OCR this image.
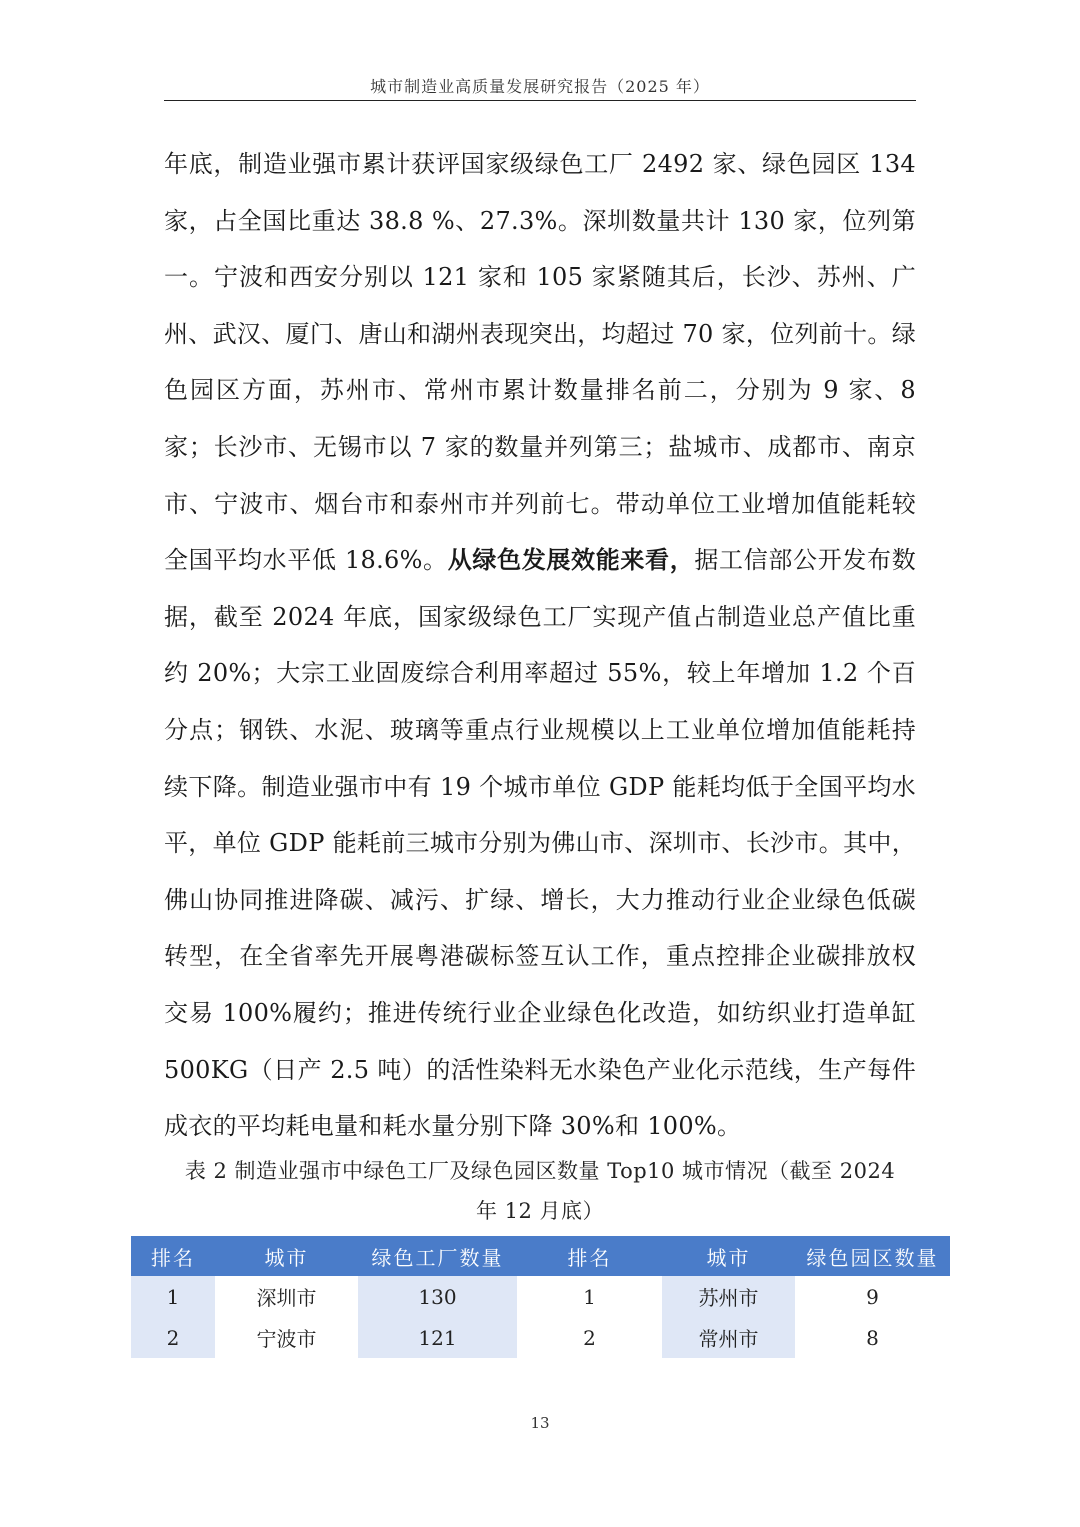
城市制造业高质量发展研究报告（2025 年）

年底，制造业强市累计获评国家级绿色工厂 2492 家、绿色园区 134 家，占全国比重达 38.8 %、27.3%。深圳数量共计 130 家，位列第一。宁波和西安分别以 121 家和 105 家紧随其后，长沙、苏州、广州、武汉、厦门、唐山和湖州表现突出，均超过 70 家，位列前十。绿色园区方面，苏州市、常州市累计数量排名前二，分别为 9 家、8 家；长沙市、无锡市以 7 家的数量并列第三；盐城市、成都市、南京市、宁波市、烟台市和泰州市并列前七。带动单位工业增加值能耗较全国平均水平低 18.6%。从绿色发展效能来看，据工信部公开发布数据，截至 2024 年底，国家级绿色工厂实现产值占制造业总产值比重约 20%；大宗工业固废综合利用率超过 55%，较上年增加 1.2 个百分点；钢铁、水泥、玻璃等重点行业规模以上工业单位增加值能耗持续下降。制造业强市中有 19 个城市单位 GDP 能耗均低于全国平均水平，单位 GDP 能耗前三城市分别为佛山市、深圳市、长沙市。其中，佛山协同推进降碳、减污、扩绿、增长，大力推动行业企业绿色低碳转型，在全省率先开展粤港碳标签互认工作，重点控排企业碳排放权交易 100%履约；推进传统行业企业绿色化改造，如纺织业打造单缸 500KG（日产 2.5 吨）的活性染料无水染色产业化示范线，生产每件成衣的平均耗电量和耗水量分别下降 30%和 100%。

表 2 制造业强市中绿色工厂及绿色园区数量 Top10 城市情况（截至 2024
年 12 月底）
排名	城市	绿色工厂数量	排名	城市	绿色园区数量
1	深圳市	130	1	苏州市	9
2	宁波市	121	2	常州市	8
13
